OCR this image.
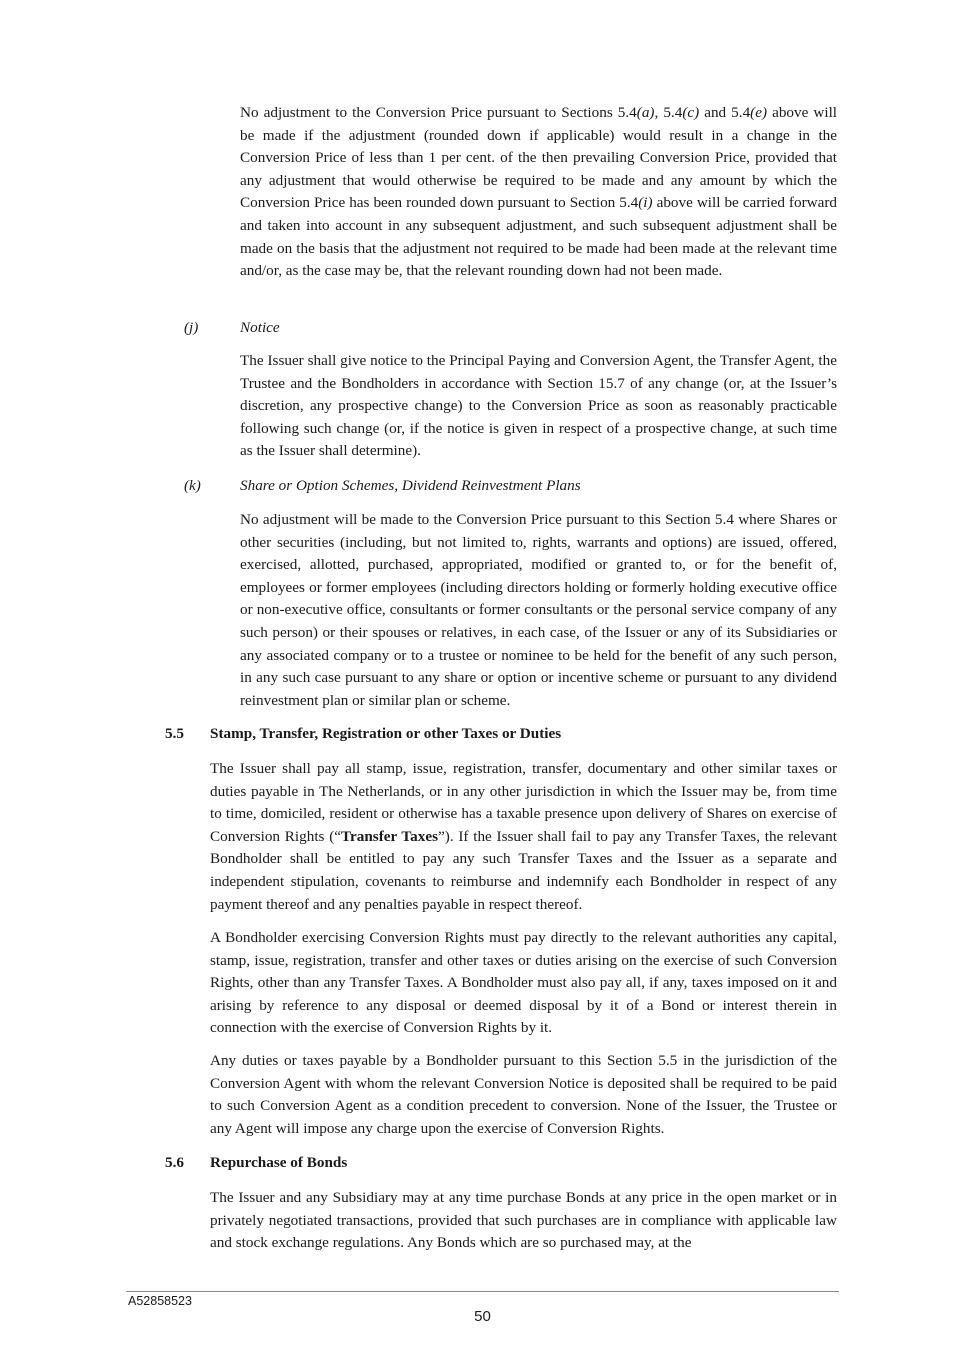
No adjustment to the Conversion Price pursuant to Sections 5.4(a), 5.4(c) and 5.4(e) above will be made if the adjustment (rounded down if applicable) would result in a change in the Conversion Price of less than 1 per cent. of the then prevailing Conversion Price, provided that any adjustment that would otherwise be required to be made and any amount by which the Conversion Price has been rounded down pursuant to Section 5.4(i) above will be carried forward and taken into account in any subsequent adjustment, and such subsequent adjustment shall be made on the basis that the adjustment not required to be made had been made at the relevant time and/or, as the case may be, that the relevant rounding down had not been made.

(j)	Notice

The Issuer shall give notice to the Principal Paying and Conversion Agent, the Transfer Agent, the Trustee and the Bondholders in accordance with Section 15.7 of any change (or, at the Issuer’s discretion, any prospective change) to the Conversion Price as soon as reasonably practicable following such change (or, if the notice is given in respect of a prospective change, at such time as the Issuer shall determine).

(k)	Share or Option Schemes, Dividend Reinvestment Plans

No adjustment will be made to the Conversion Price pursuant to this Section 5.4 where Shares or other securities (including, but not limited to, rights, warrants and options) are issued, offered, exercised, allotted, purchased, appropriated, modified or granted to, or for the benefit of, employees or former employees (including directors holding or formerly holding executive office or non-executive office, consultants or former consultants or the personal service company of any such person) or their spouses or relatives, in each case, of the Issuer or any of its Subsidiaries or any associated company or to a trustee or nominee to be held for the benefit of any such person, in any such case pursuant to any share or option or incentive scheme or pursuant to any dividend reinvestment plan or similar plan or scheme.

5.5 Stamp, Transfer, Registration or other Taxes or Duties

The Issuer shall pay all stamp, issue, registration, transfer, documentary and other similar taxes or duties payable in The Netherlands, or in any other jurisdiction in which the Issuer may be, from time to time, domiciled, resident or otherwise has a taxable presence upon delivery of Shares on exercise of Conversion Rights (“Transfer Taxes”). If the Issuer shall fail to pay any Transfer Taxes, the relevant Bondholder shall be entitled to pay any such Transfer Taxes and the Issuer as a separate and independent stipulation, covenants to reimburse and indemnify each Bondholder in respect of any payment thereof and any penalties payable in respect thereof.

A Bondholder exercising Conversion Rights must pay directly to the relevant authorities any capital, stamp, issue, registration, transfer and other taxes or duties arising on the exercise of such Conversion Rights, other than any Transfer Taxes. A Bondholder must also pay all, if any, taxes imposed on it and arising by reference to any disposal or deemed disposal by it of a Bond or interest therein in connection with the exercise of Conversion Rights by it.

Any duties or taxes payable by a Bondholder pursuant to this Section 5.5 in the jurisdiction of the Conversion Agent with whom the relevant Conversion Notice is deposited shall be required to be paid to such Conversion Agent as a condition precedent to conversion. None of the Issuer, the Trustee or any Agent will impose any charge upon the exercise of Conversion Rights.

5.6 Repurchase of Bonds

The Issuer and any Subsidiary may at any time purchase Bonds at any price in the open market or in privately negotiated transactions, provided that such purchases are in compliance with applicable law and stock exchange regulations. Any Bonds which are so purchased may, at the

A52858523
50
